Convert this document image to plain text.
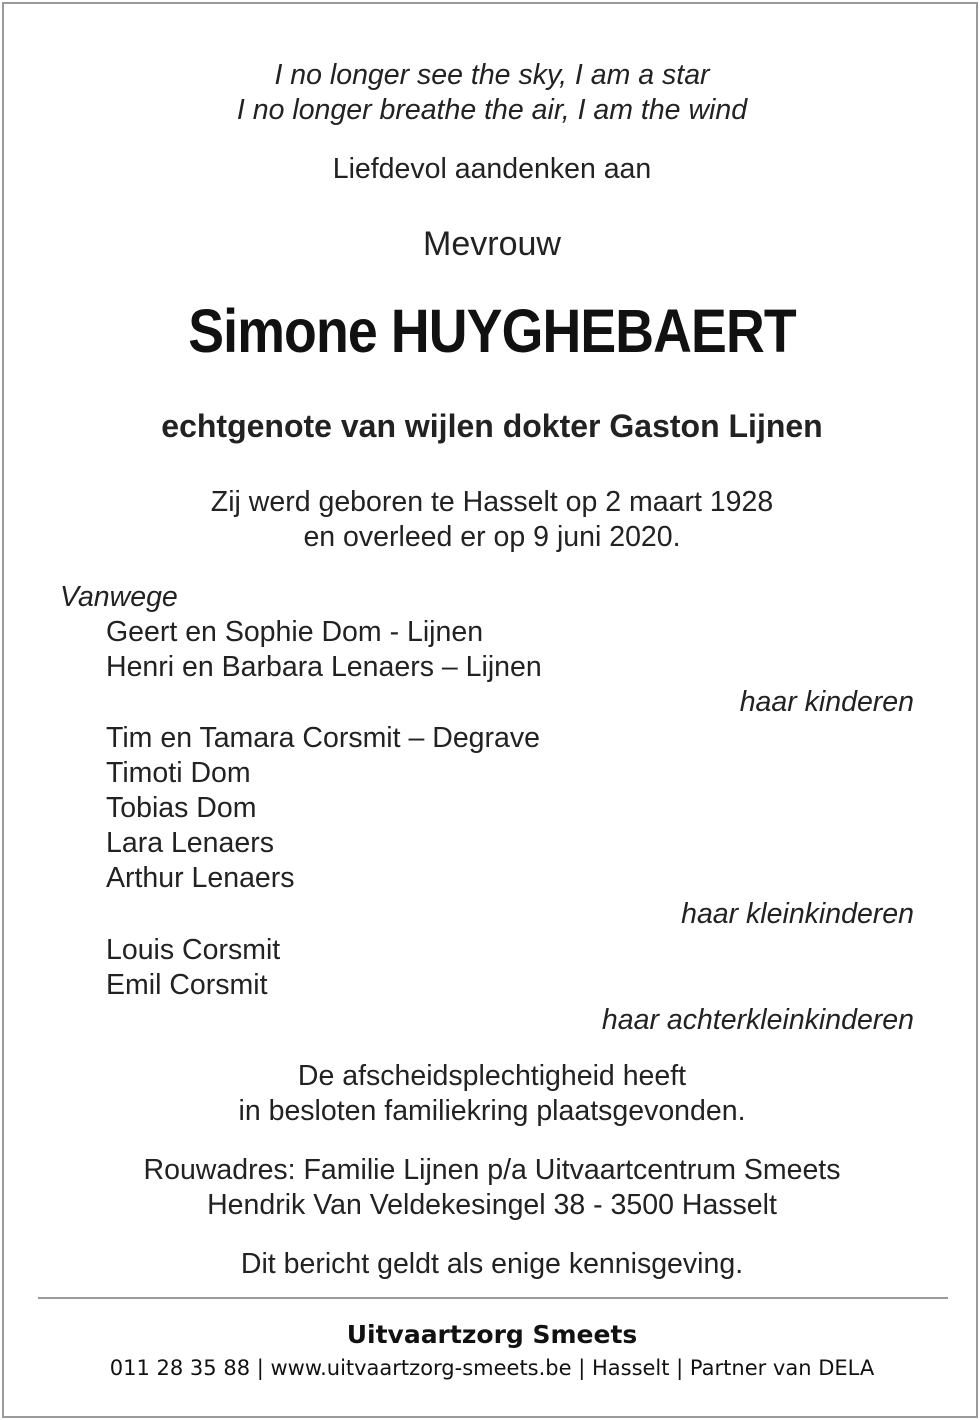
I no longer see the sky, I am a star
I no longer breathe the air, I am the wind
Liefdevol aandenken aan
Mevrouw
Simone HUYGHEBAERT
echtgenote van wijlen dokter Gaston Lijnen
Zij werd geboren te Hasselt op 2 maart 1928
en overleed er op 9 juni 2020.
Vanwege
Geert en Sophie Dom - Lijnen
Henri en Barbara Lenaers – Lijnen
haar kinderen
Tim en Tamara Corsmit – Degrave
Timoti Dom
Tobias Dom
Lara Lenaers
Arthur Lenaers
haar kleinkinderen
Louis Corsmit
Emil Corsmit
haar achterkleinkinderen
De afscheidsplechtigheid heeft
in besloten familiekring plaatsgevonden.
Rouwadres: Familie Lijnen p/a Uitvaartcentrum Smeets
Hendrik Van Veldekesingel 38 - 3500 Hasselt
Dit bericht geldt als enige kennisgeving.
Uitvaartzorg Smeets
011 28 35 88 | www.uitvaartzorg-smeets.be | Hasselt | Partner van DELA
